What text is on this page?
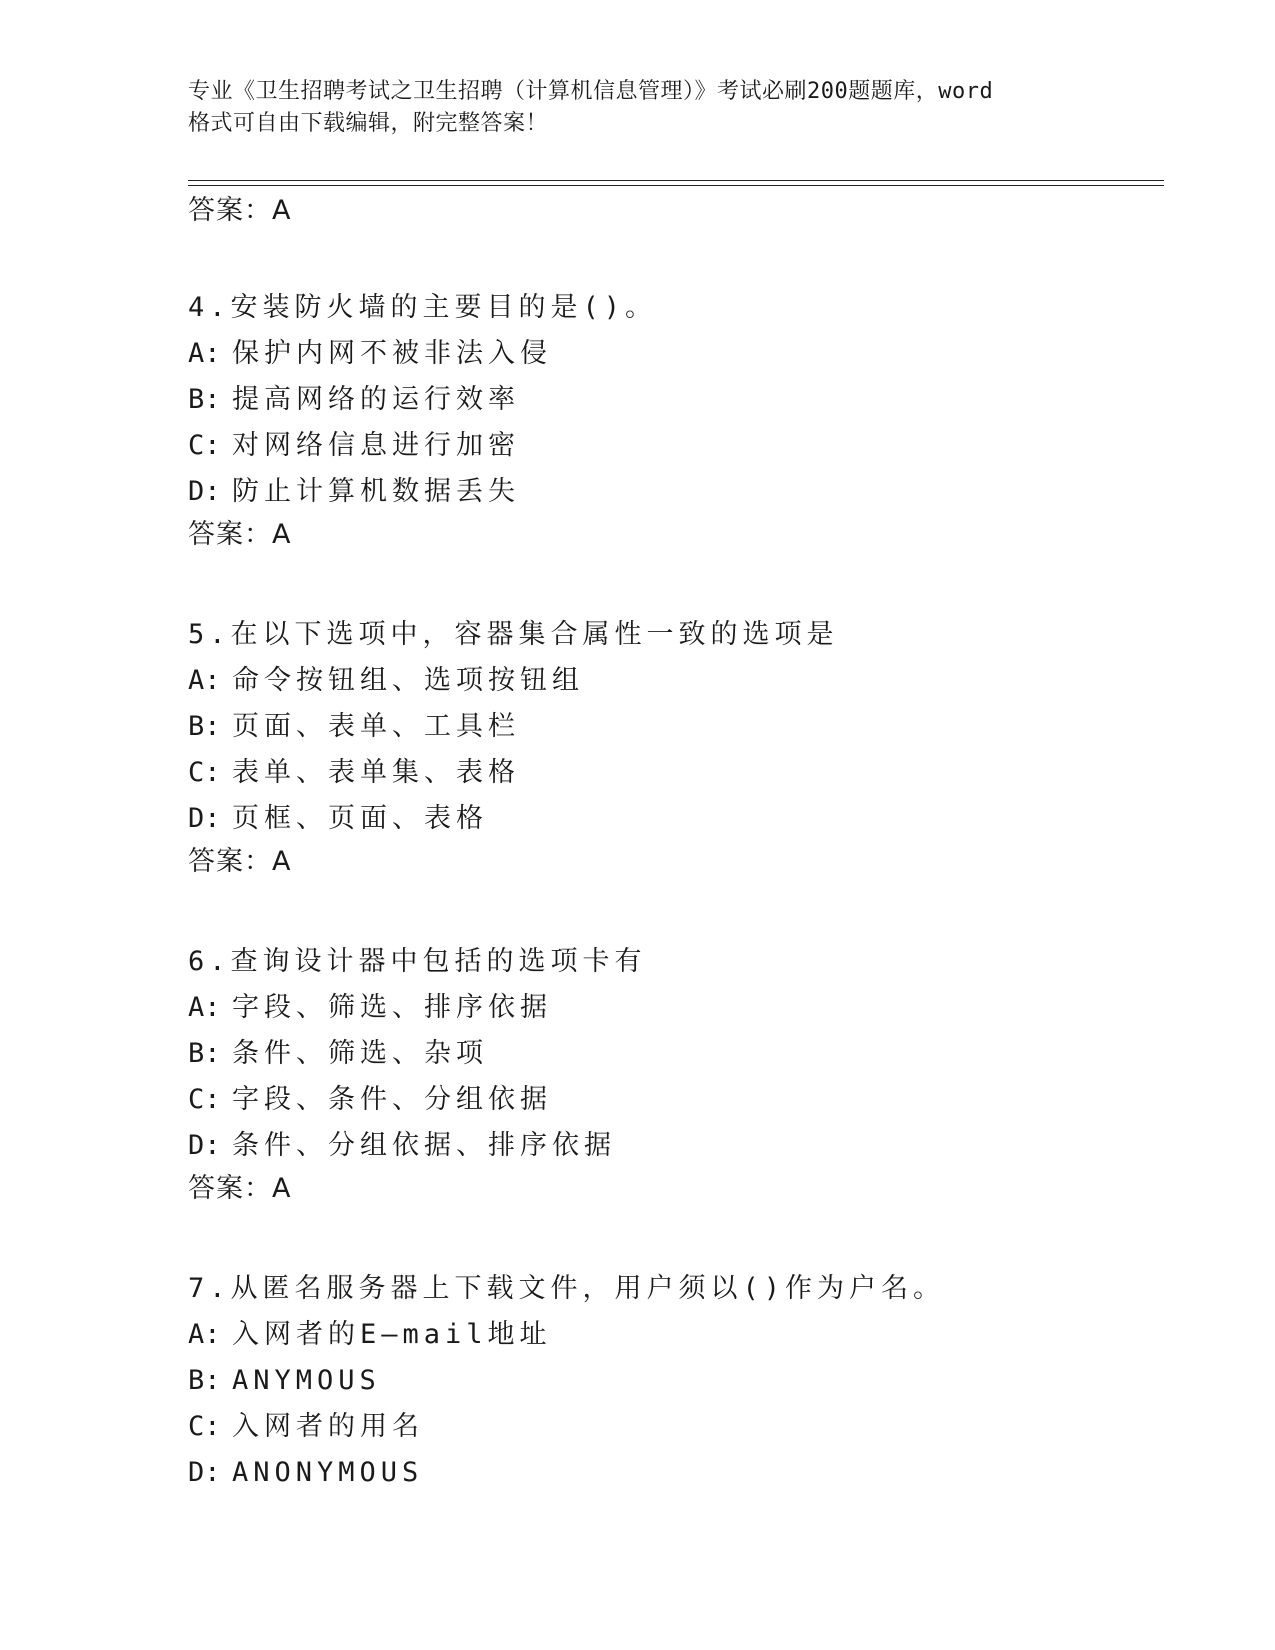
专业《卫生招聘考试之卫生招聘（计算机信息管理）》考试必刷200题题库，word
格式可自由下载编辑，附完整答案！
答案：A
4.安装防火墙的主要目的是()。
A: 保护内网不被非法入侵
B: 提高网络的运行效率
C: 对网络信息进行加密
D: 防止计算机数据丢失
答案：A
5.在以下选项中，容器集合属性一致的选项是
A: 命令按钮组、选项按钮组
B: 页面、表单、工具栏
C: 表单、表单集、表格
D: 页框、页面、表格
答案：A
6.查询设计器中包括的选项卡有
A: 字段、筛选、排序依据
B: 条件、筛选、杂项
C: 字段、条件、分组依据
D: 条件、分组依据、排序依据
答案：A
7.从匿名服务器上下载文件，用户须以()作为户名。
A: 入网者的E—mail地址
B: ANYMOUS
C: 入网者的用名
D: ANONYMOUS
